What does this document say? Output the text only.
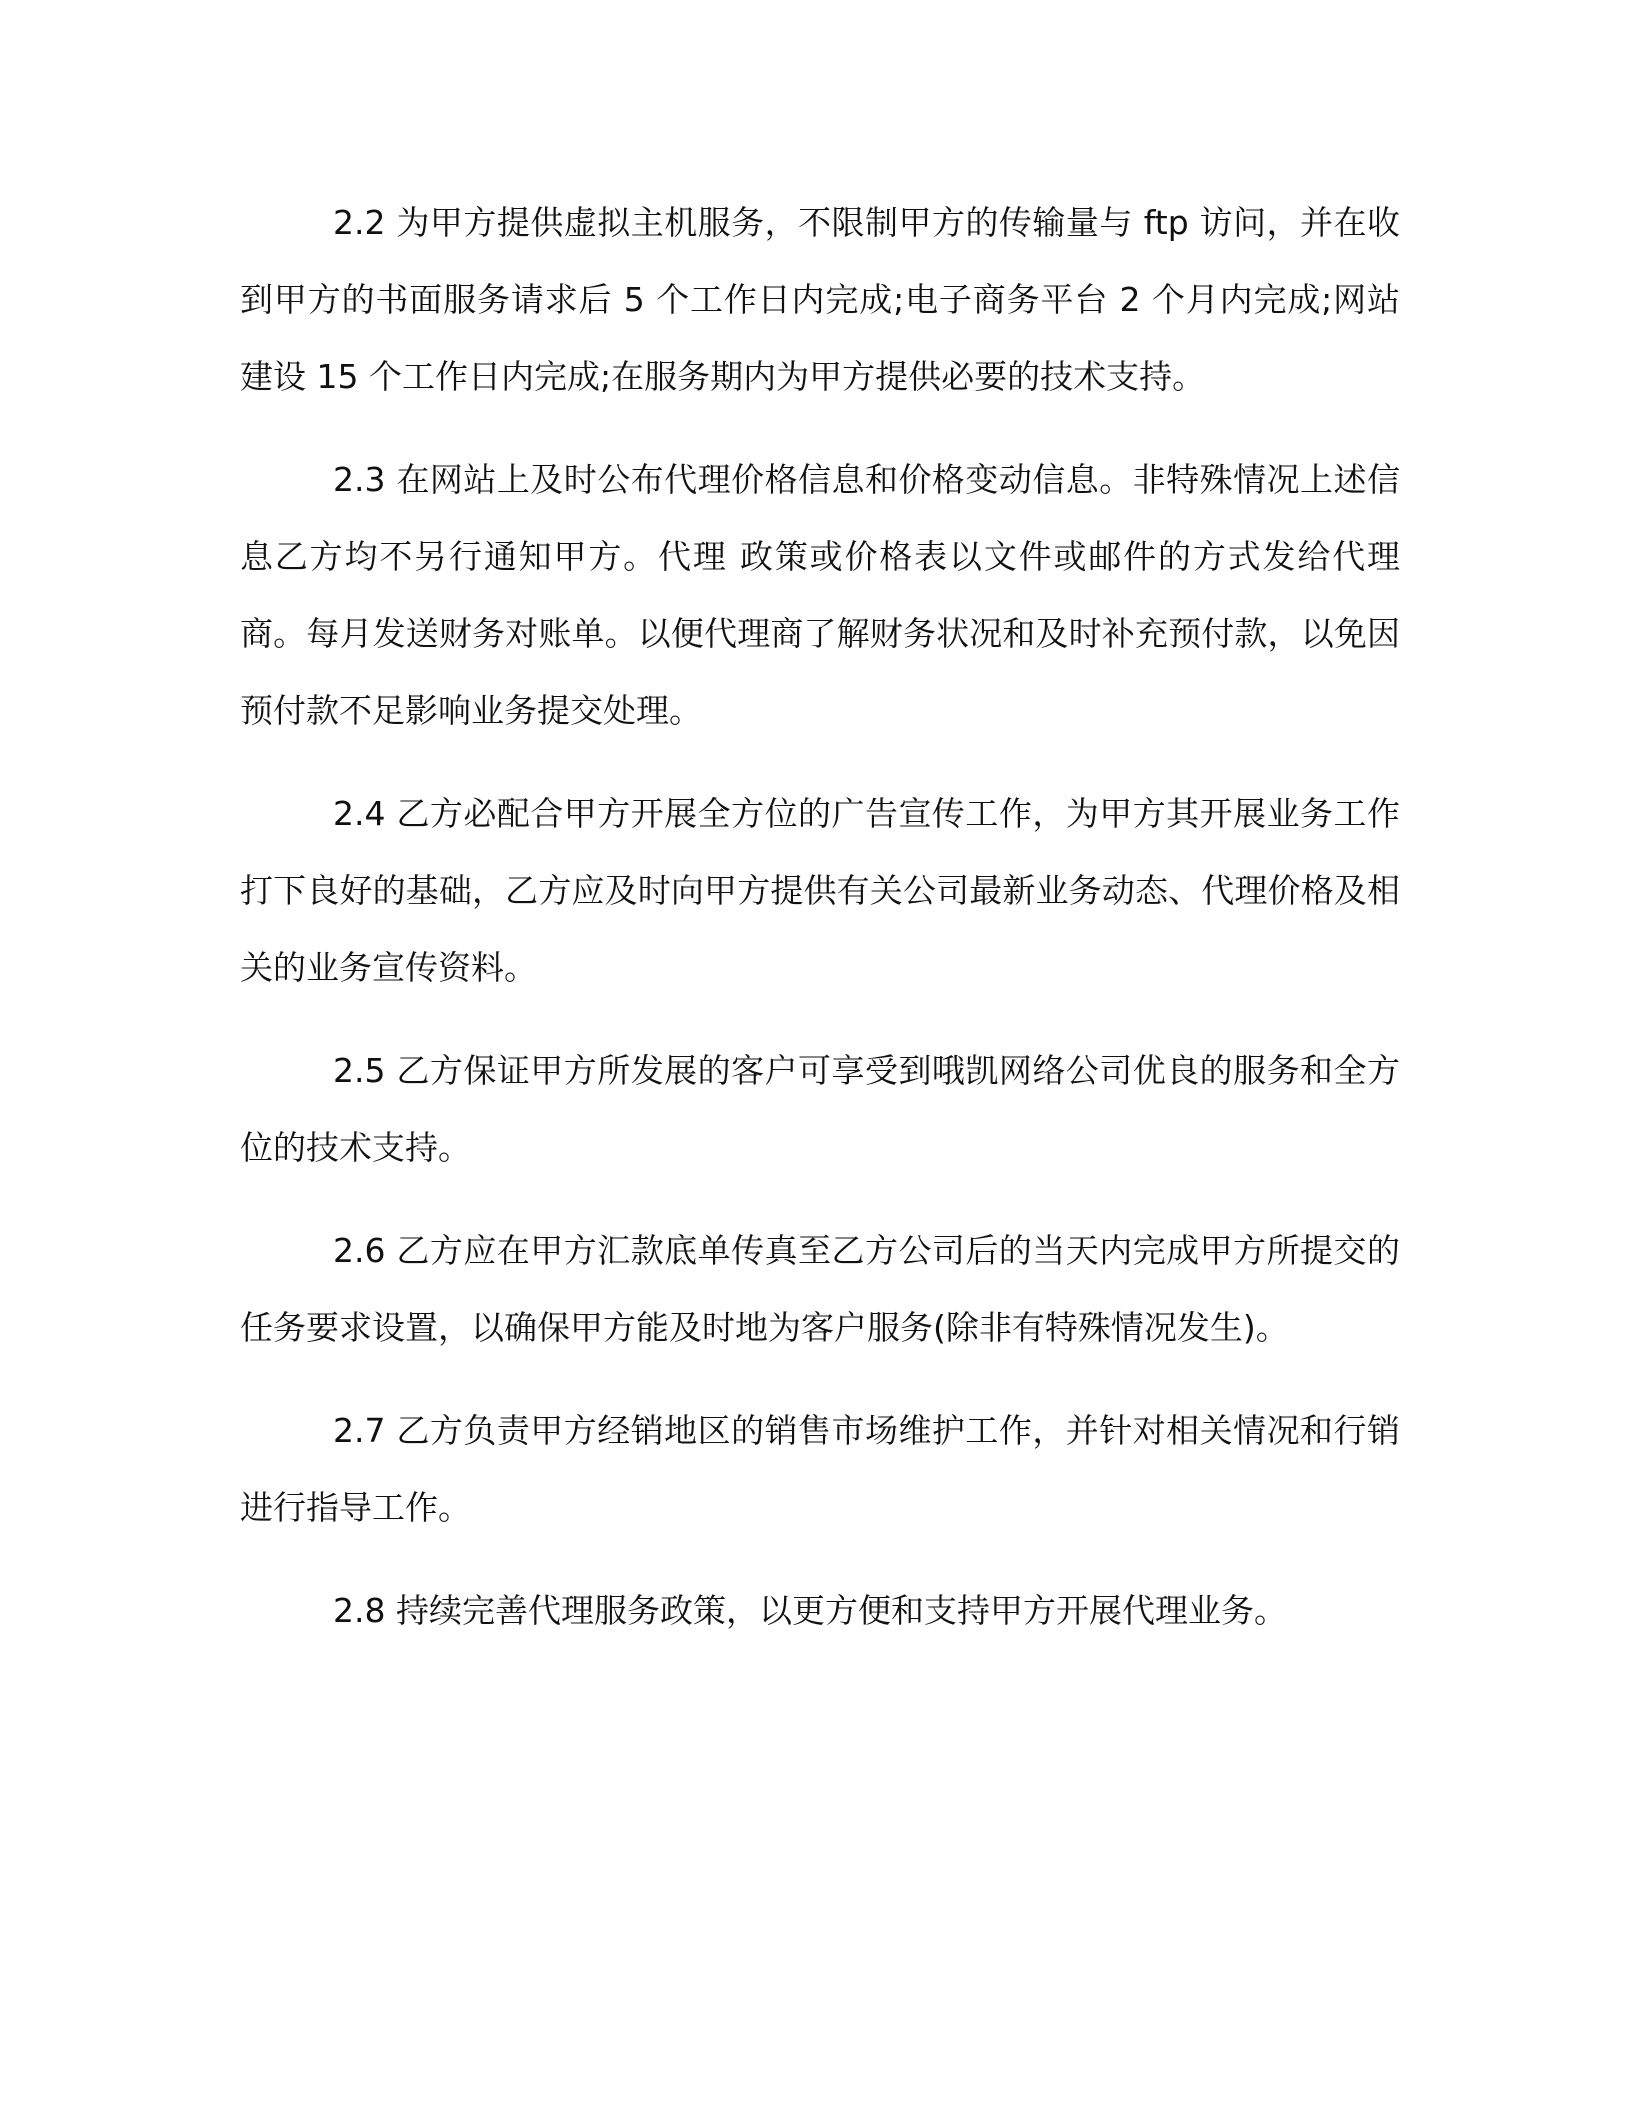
2.2 为甲方提供虚拟主机服务，不限制甲方的传输量与 ftp 访问，并在收到甲方的书面服务请求后 5 个工作日内完成;电子商务平台 2 个月内完成;网站建设 15 个工作日内完成;在服务期内为甲方提供必要的技术支持。

2.3 在网站上及时公布代理价格信息和价格变动信息。非特殊情况上述信息乙方均不另行通知甲方。代理 政策或价格表以文件或邮件的方式发给代理商。每月发送财务对账单。以便代理商了解财务状况和及时补充预付款，以免因预付款不足影响业务提交处理。

2.4 乙方必配合甲方开展全方位的广告宣传工作，为甲方其开展业务工作打下良好的基础，乙方应及时向甲方提供有关公司最新业务动态、代理价格及相关的业务宣传资料。

2.5 乙方保证甲方所发展的客户可享受到哦凯网络公司优良的服务和全方位的技术支持。

2.6 乙方应在甲方汇款底单传真至乙方公司后的当天内完成甲方所提交的任务要求设置，以确保甲方能及时地为客户服务(除非有特殊情况发生)。

2.7 乙方负责甲方经销地区的销售市场维护工作，并针对相关情况和行销进行指导工作。

2.8 持续完善代理服务政策，以更方便和支持甲方开展代理业务。
